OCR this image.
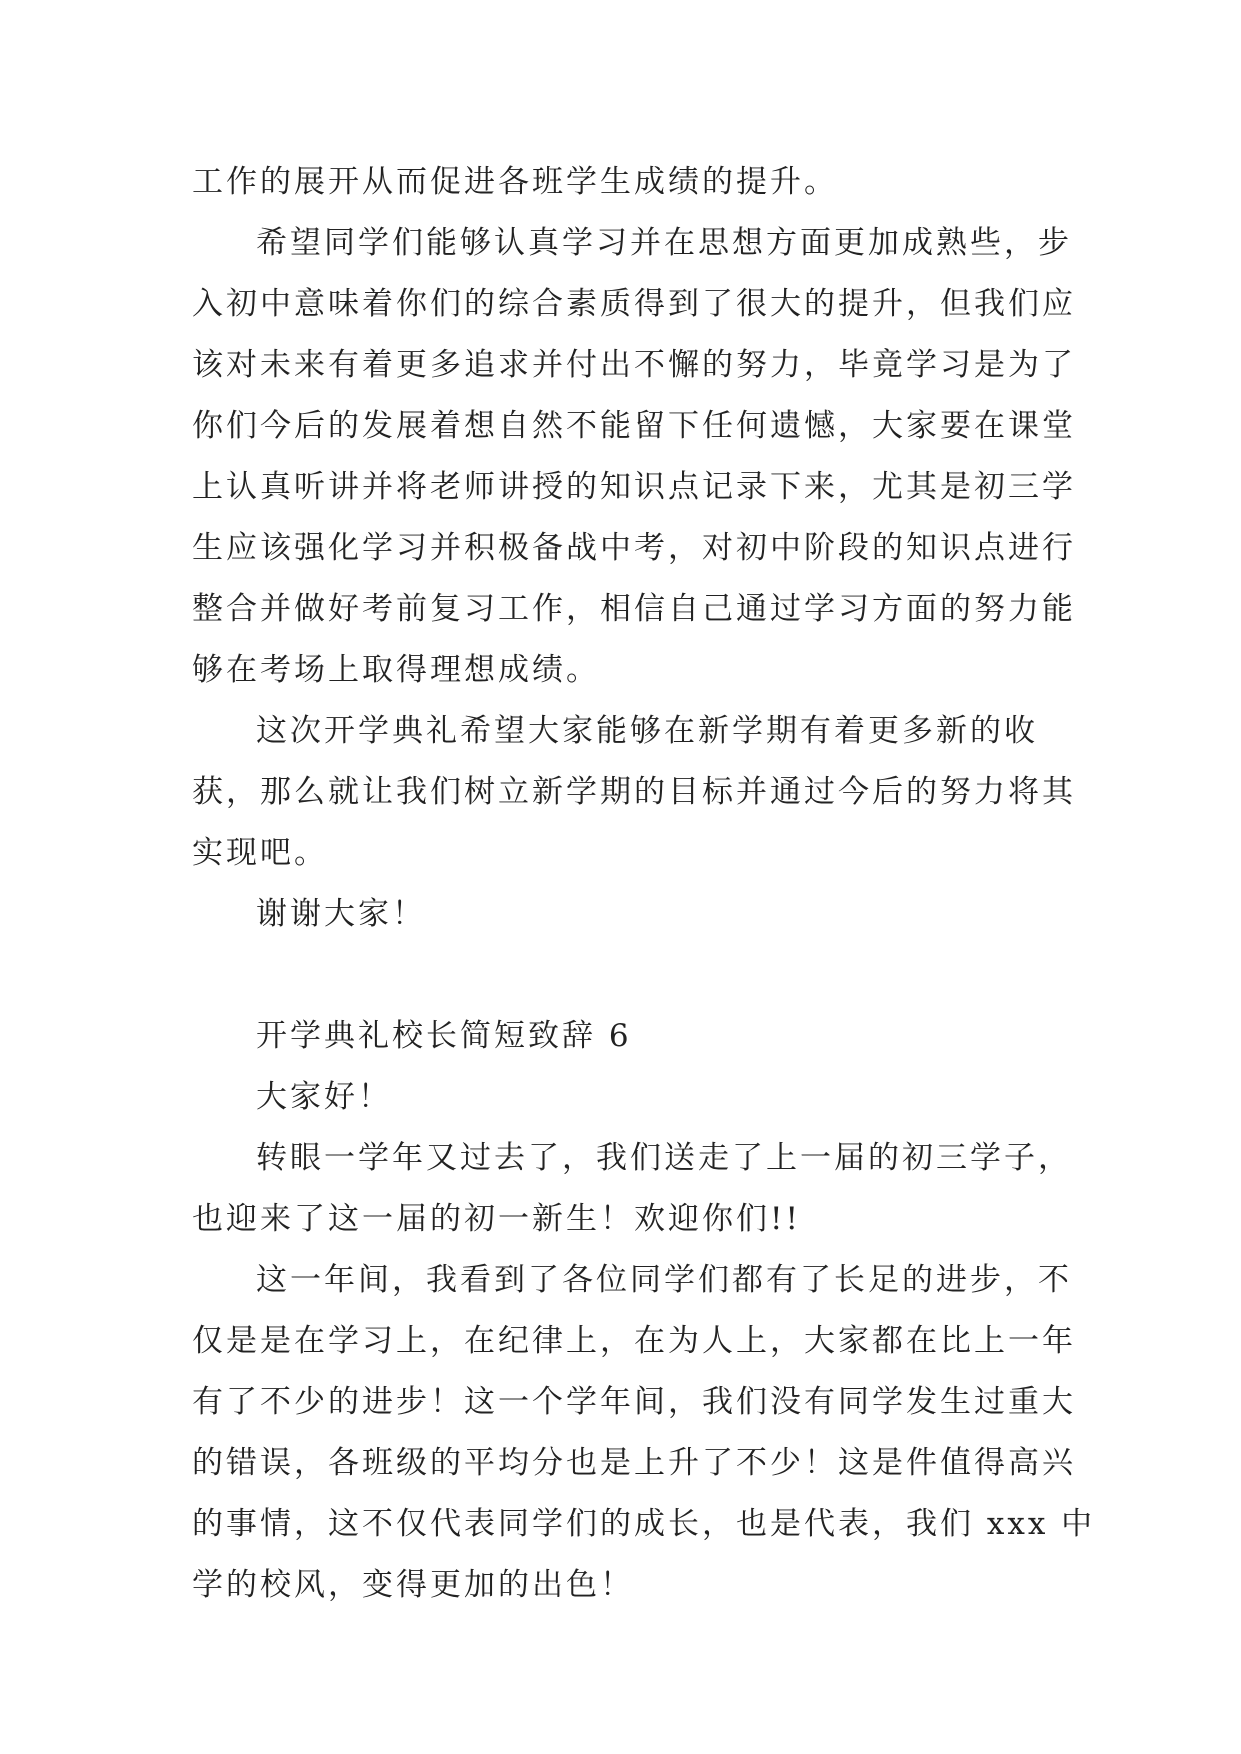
工作的展开从而促进各班学生成绩的提升。
希望同学们能够认真学习并在思想方面更加成熟些，步
入初中意味着你们的综合素质得到了很大的提升，但我们应
该对未来有着更多追求并付出不懈的努力，毕竟学习是为了
你们今后的发展着想自然不能留下任何遗憾，大家要在课堂
上认真听讲并将老师讲授的知识点记录下来，尤其是初三学
生应该强化学习并积极备战中考，对初中阶段的知识点进行
整合并做好考前复习工作，相信自己通过学习方面的努力能
够在考场上取得理想成绩。
这次开学典礼希望大家能够在新学期有着更多新的收
获，那么就让我们树立新学期的目标并通过今后的努力将其
实现吧。
谢谢大家！
开学典礼校长简短致辞 6
大家好！
转眼一学年又过去了，我们送走了上一届的初三学子，
也迎来了这一届的初一新生！欢迎你们!!
这一年间，我看到了各位同学们都有了长足的进步，不
仅是是在学习上，在纪律上，在为人上，大家都在比上一年
有了不少的进步！这一个学年间，我们没有同学发生过重大
的错误，各班级的平均分也是上升了不少！这是件值得高兴
的事情，这不仅代表同学们的成长，也是代表，我们 xxx 中
学的校风，变得更加的出色！
